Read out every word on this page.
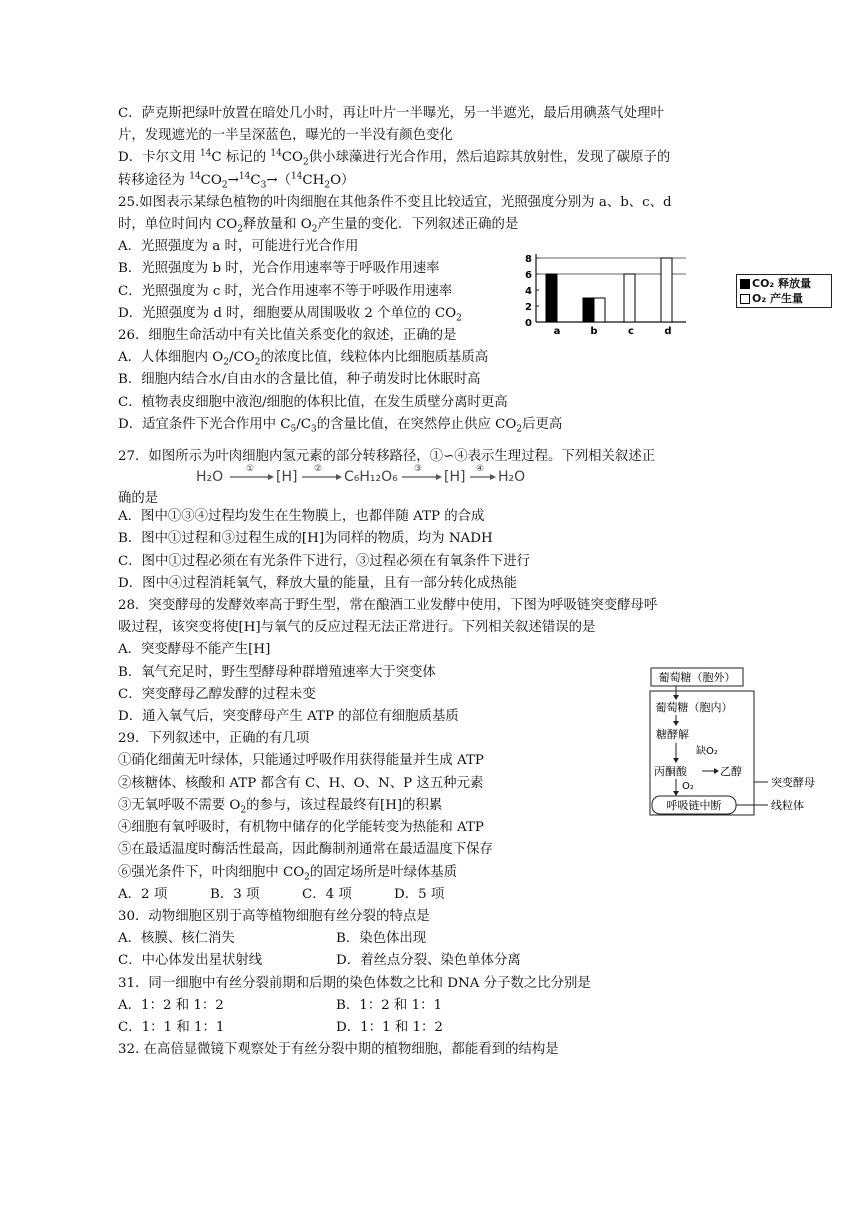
C．萨克斯把绿叶放置在暗处几小时，再让叶片一半曝光，另一半遮光，最后用碘蒸气处理叶
片，发现遮光的一半呈深蓝色，曝光的一半没有颜色变化
D．卡尔文用 $^{14}$C 标记的 $^{14}CO_2$供小球藻进行光合作用，然后追踪其放射性，发现了碳原子的
转移途径为 $^{14}CO_2\to^{14}C_3\to(^{14}CH_2O)$
25.如图表示某绿色植物的叶肉细胞在其他条件不变且比较适宜，光照强度分别为 a、b、c、d
时，单位时间内 $CO_2$释放量和 $O_2$产生量的变化．下列叙述正确的是
A．光照强度为 a 时，可能进行光合作用
B．光照强度为 b 时，光合作用速率等于呼吸作用速率
C．光照强度为 c 时，光合作用速率不等于呼吸作用速率
D．光照强度为 d 时，细胞要从周围吸收 2 个单位的 $CO_2$
26．细胞生命活动中有关比值关系变化的叙述，正确的是
A．人体细胞内 $O_2/CO_2$的浓度比值，线粒体内比细胞质基质高
B．细胞内结合水/自由水的含量比值，种子萌发时比休眠时高
C．植物表皮细胞中液泡/细胞的体积比值，在发生质壁分离时更高
D．适宜条件下光合作用中 $C_5/C_3$的含量比值，在突然停止供应 $CO_2$后更高
27．如图所示为叶肉细胞内氢元素的部分转移路径，①∽④表示生理过程。下列相关叙述正
确的是
H₂O	① [H] ② C₆H₁₂O₆ ③ [H] ④ H₂O
A．图中①③④过程均发生在生物膜上，也都伴随 ATP 的合成
B．图中①过程和③过程生成的[H]为同样的物质，均为 NADH
C．图中①过程必须在有光条件下进行，③过程必须在有氧条件下进行
D．图中④过程消耗氧气，释放大量的能量，且有一部分转化成热能
28．突变酵母的发酵效率高于野生型，常在酿酒工业发酵中使用，下图为呼吸链突变酵母呼
吸过程，该突变将使[H]与氧气的反应过程无法正常进行。下列相关叙述错误的是
A．突变酵母不能产生[H]
B．氧气充足时，野生型酵母种群增殖速率大于突变体
C．突变酵母乙醇发酵的过程未变
D．通入氧气后，突变酵母产生 ATP 的部位有细胞质基质
29．下列叙述中，正确的有几项
①硝化细菌无叶绿体，只能通过呼吸作用获得能量并生成 ATP
②核糖体、核酸和 ATP 都含有 C、H、O、N、P 这五种元素
③无氧呼吸不需要 $O_2$的参与，该过程最终有[H]的积累
④细胞有氧呼吸时，有机物中储存的化学能转变为热能和 ATP
⑤在最适温度时酶活性最高，因此酶制剂通常在最适温度下保存
⑥强光条件下，叶肉细胞中 $CO_2$的固定场所是叶绿体基质
A．2 项	B．3 项	C．4 项	D．5 项
30．动物细胞区别于高等植物细胞有丝分裂的特点是
A．核膜、核仁消失	B．染色体出现
C．中心体发出星状射线	D．着丝点分裂、染色单体分离
31．同一细胞中有丝分裂前期和后期的染色体数之比和 DNA 分子数之比分别是
A．1：2 和 1：2	B．1：2 和 1：1
C．1：1 和 1：1	D．1：1 和 1：2
32. 在高倍显微镜下观察处于有丝分裂中期的植物细胞，都能看到的结构是
8
6
4
2
0
a	b	c	d
CO₂ 释放量
O₂ 产生量
葡萄糖（胞外）
葡萄糖（胞内）
糖酵解
缺O₂
丙酮酸	乙醇
O₂
呼吸链中断
突变酵母
线粒体
